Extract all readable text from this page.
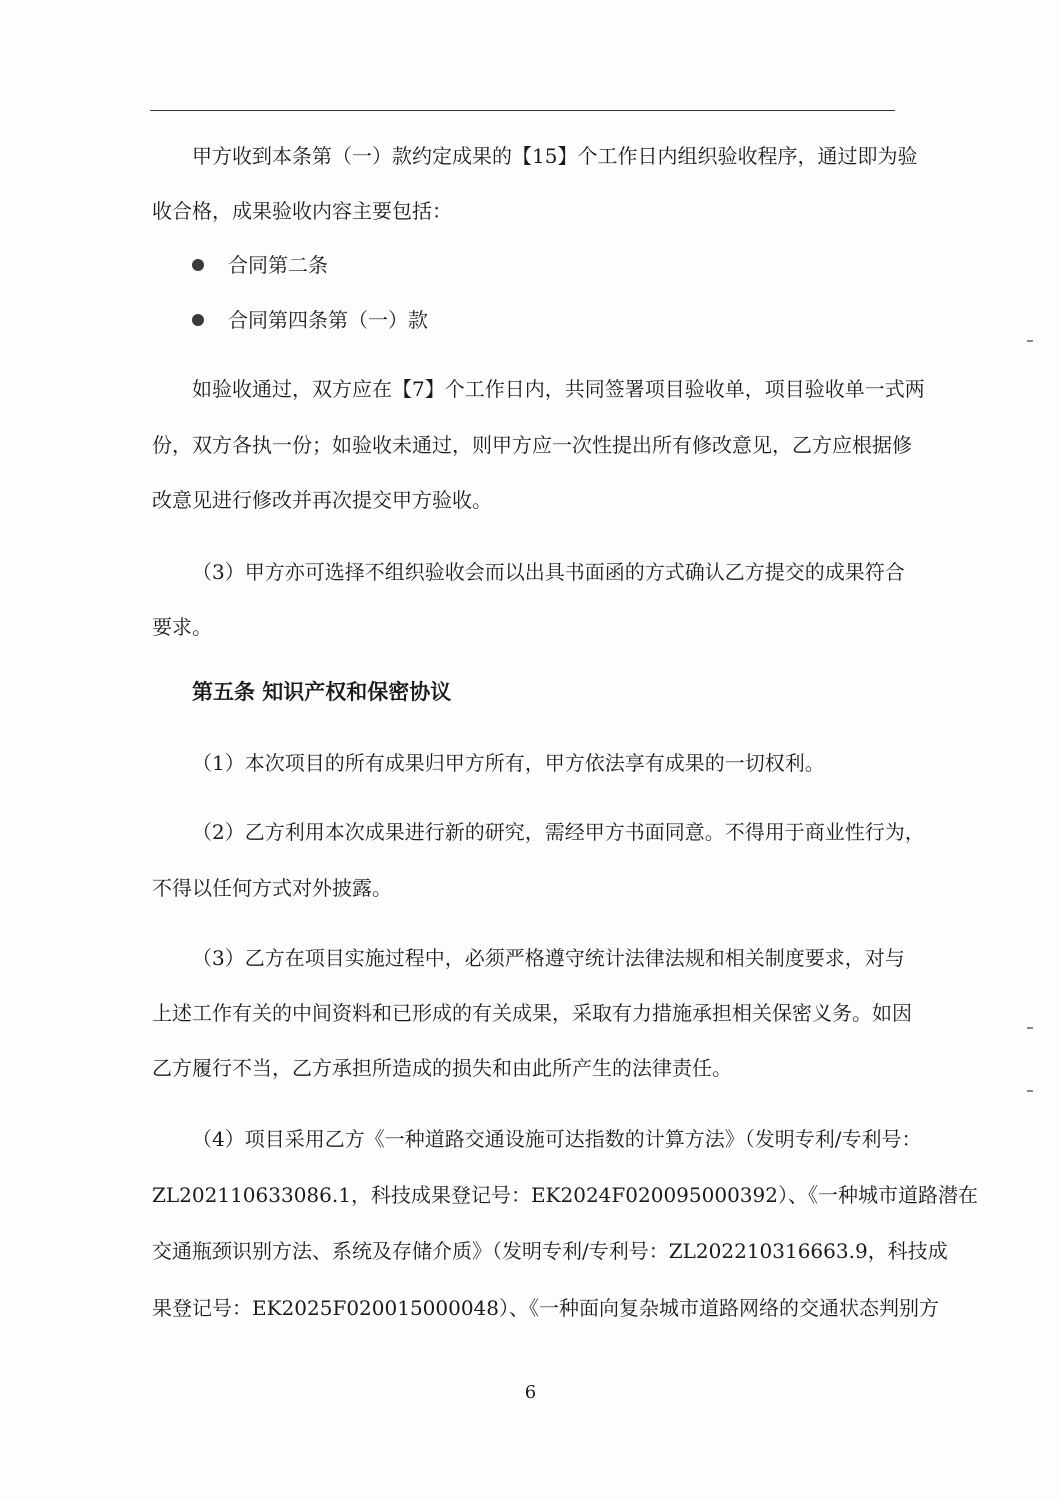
甲方收到本条第（一）款约定成果的【15】个工作日内组织验收程序，通过即为验
收合格，成果验收内容主要包括：
合同第二条
合同第四条第（一）款
如验收通过，双方应在【7】个工作日内，共同签署项目验收单，项目验收单一式两
份，双方各执一份；如验收未通过，则甲方应一次性提出所有修改意见，乙方应根据修
改意见进行修改并再次提交甲方验收。
（3）甲方亦可选择不组织验收会而以出具书面函的方式确认乙方提交的成果符合
要求。
第五条 知识产权和保密协议
（1）本次项目的所有成果归甲方所有，甲方依法享有成果的一切权利。
（2）乙方利用本次成果进行新的研究，需经甲方书面同意。不得用于商业性行为，
不得以任何方式对外披露。
（3）乙方在项目实施过程中，必须严格遵守统计法律法规和相关制度要求，对与
上述工作有关的中间资料和已形成的有关成果，采取有力措施承担相关保密义务。如因
乙方履行不当，乙方承担所造成的损失和由此所产生的法律责任。
（4）项目采用乙方《一种道路交通设施可达指数的计算方法》（发明专利/专利号：
ZL202110633086.1，科技成果登记号：EK2024F020095000392）、《一种城市道路潜在
交通瓶颈识别方法、系统及存储介质》（发明专利/专利号：ZL202210316663.9，科技成
果登记号：EK2025F020015000048）、《一种面向复杂城市道路网络的交通状态判别方
6
